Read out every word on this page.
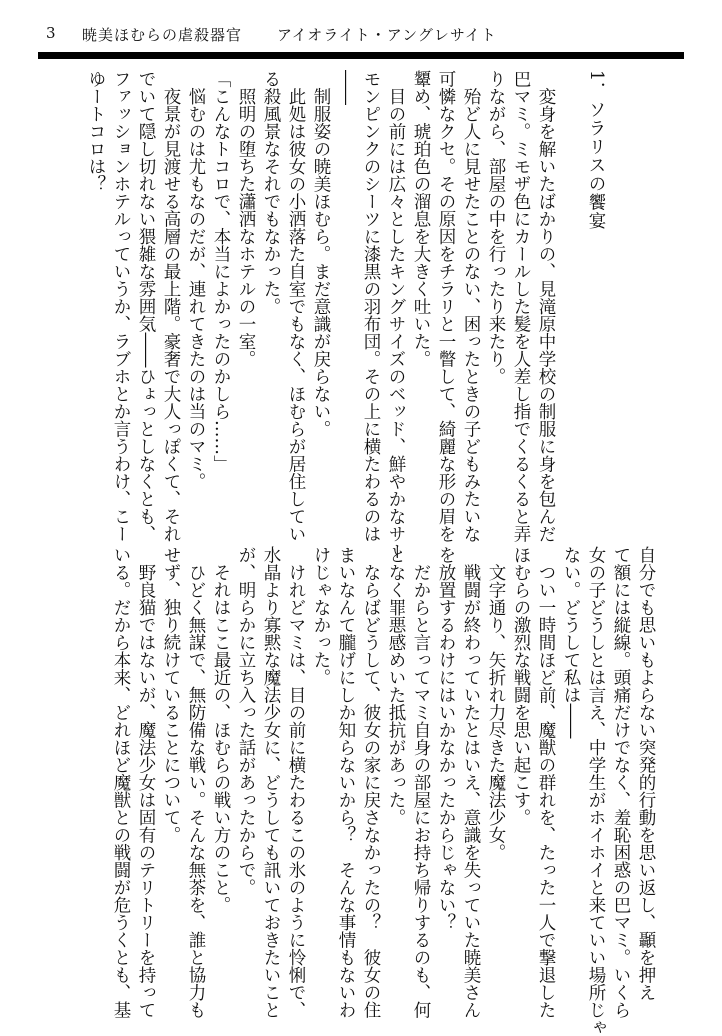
3 暁美ほむらの虐殺器官 アイオライト・アングレサイト
1．ソラリスの饗宴
　変身を解いたばかりの、見滝原中学校の制服に身を包んだ
巴マミ。ミモザ色にカールした髪を人差し指でくるくると弄
りながら、部屋の中を行ったり来たり。
　殆ど人に見せたことのない、困ったときの子どもみたいな
可憐なクセ。その原因をチラリと一瞥して、綺麗な形の眉を
顰め、琥珀色の溜息を大きく吐いた。
　目の前には広々としたキングサイズのベッド、鮮やかなサー
モンピンクのシーツに漆黒の羽布団。その上に横たわるのは
――
　制服姿の暁美ほむら。まだ意識が戻らない。
　此処は彼女の小洒落た自室でもなく、ほむらが居住してい
る殺風景なそれでもなかった。
　照明の堕ちた瀟洒なホテルの一室。
「こんなトコロで、本当によかったのかしら……」
　悩むのは尤もなのだが、連れてきたのは当のマミ。
　夜景が見渡せる高層の最上階。豪奢で大人っぽくて、それ
でいて隠し切れない猥雑な雰囲気――ひょっとしなくとも、
ファッションホテルっていうか、ラブホとか言うわけ、こー
ゆートコロは？
自分でも思いもよらない突発的行動を思い返し、顳を押え
て額には縦線。頭痛だけでなく、羞恥困惑の巴マミ。いくら
女の子どうしとは言え、中学生がホイホイと来ていい場所じゃ
ない。どうして私は――
　つい一時間ほど前、魔獣の群れを、たった一人で撃退した
ほむらの激烈な戦闘を思い起こす。
　文字通り、矢折れ力尽きた魔法少女。
　戦闘が終わっていたとはいえ、意識を失っていた暁美さん
を放置するわけにはいかなかったからじゃない？
　だからと言ってマミ自身の部屋にお持ち帰りするのも、何
となく罪悪感めいた抵抗があった。
　ならばどうして、彼女の家に戻さなかったの？　彼女の住
まいなんて朧げにしか知らないから？　そんな事情もないわ
けじゃなかった。
　けれどマミは、目の前に横たわるこの氷のように怜悧で、
水晶より寡黙な魔法少女に、どうしても訊いておきたいこと
が、明らかに立ち入った話があったからで。
　それはここ最近の、ほむらの戦い方のこと。
　ひどく無謀で、無防備な戦い。そんな無茶を、誰と協力も
せず、独り続けていることについて。
　野良猫ではないが、魔法少女は固有のテリトリーを持って
いる。だから本来、どれほど魔獣との戦闘が危うくとも、基
